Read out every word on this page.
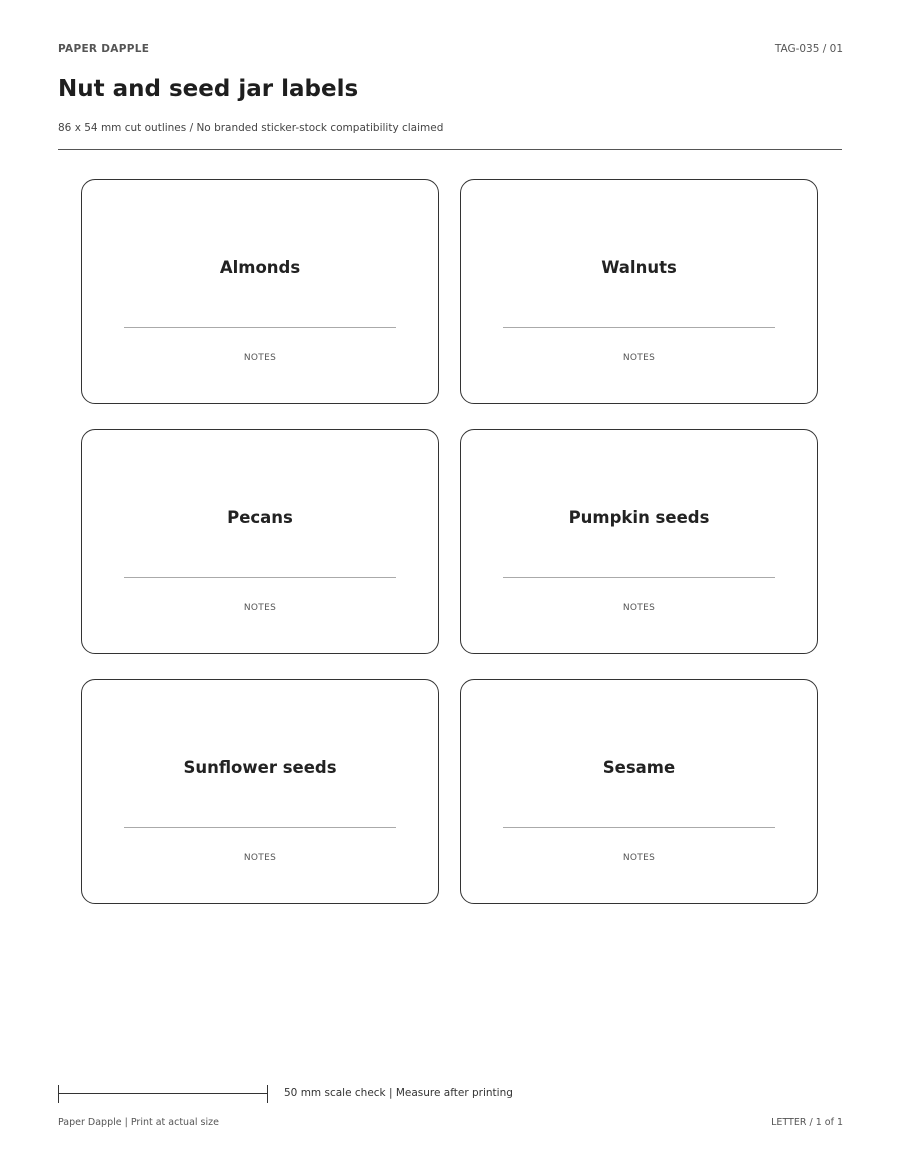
PAPER DAPPLE	TAG-035 / 01
Nut and seed jar labels
86 x 54 mm cut outlines / No branded sticker-stock compatibility claimed
Almonds
NOTES
Walnuts
NOTES
Pecans
NOTES
Pumpkin seeds
NOTES
Sunflower seeds
NOTES
Sesame
NOTES
50 mm scale check | Measure after printing
Paper Dapple | Print at actual size	LETTER / 1 of 1
